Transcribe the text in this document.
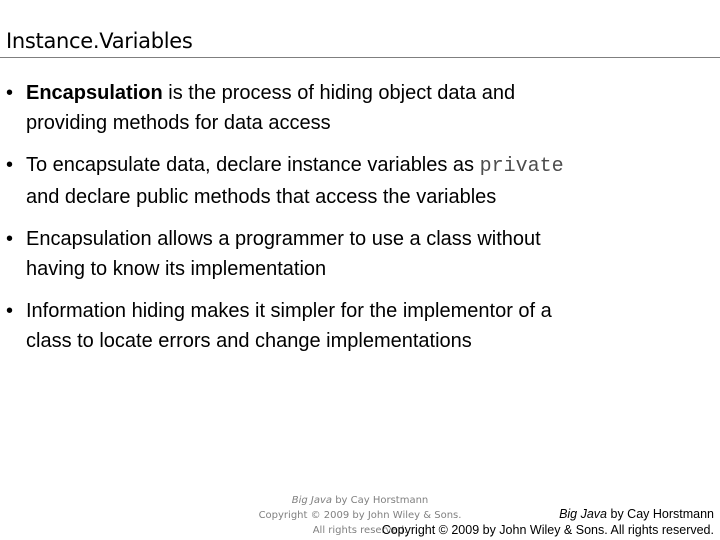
Instance.Variables
• Encapsulation is the process of hiding object data and
providing methods for data access
• To encapsulate data, declare instance variables as private
and declare public methods that access the variables
• Encapsulation allows a programmer to use a class without
having to know its implementation
• Information hiding makes it simpler for the implementor of a
class to locate errors and change implementations
Big Java by Cay Horstmann
Copyright © 2009 by John Wiley & Sons.
All rights reserved.
Big Java by Cay Horstmann
Copyright © 2009 by John Wiley & Sons. All rights reserved.
